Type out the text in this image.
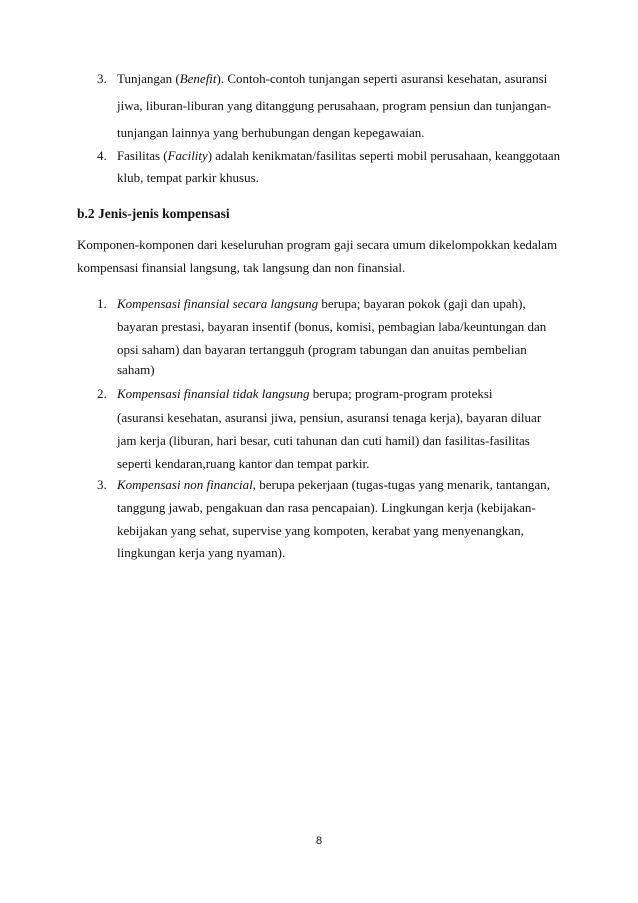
3. Tunjangan (Benefit). Contoh-contoh tunjangan seperti asuransi kesehatan, asuransi
jiwa, liburan-liburan yang ditanggung perusahaan, program pensiun dan tunjangan-
tunjangan lainnya yang berhubungan dengan kepegawaian.
4. Fasilitas (Facility) adalah kenikmatan/fasilitas seperti mobil perusahaan, keanggotaan
klub, tempat parkir khusus.
b.2 Jenis-jenis kompensasi
Komponen-komponen dari keseluruhan program gaji secara umum dikelompokkan kedalam
kompensasi finansial langsung, tak langsung dan non finansial.
1. Kompensasi finansial secara langsung berupa; bayaran pokok (gaji dan upah),
bayaran prestasi, bayaran insentif (bonus, komisi, pembagian laba/keuntungan dan
opsi saham) dan bayaran tertangguh (program tabungan dan anuitas pembelian
saham)
2. Kompensasi finansial tidak langsung berupa; program-program proteksi
(asuransi kesehatan, asuransi jiwa, pensiun, asuransi tenaga kerja), bayaran diluar
jam kerja (liburan, hari besar, cuti tahunan dan cuti hamil) dan fasilitas-fasilitas
seperti kendaran,ruang kantor dan tempat parkir.
3. Kompensasi non financial, berupa pekerjaan (tugas-tugas yang menarik, tantangan,
tanggung jawab, pengakuan dan rasa pencapaian). Lingkungan kerja (kebijakan-
kebijakan yang sehat, supervise yang kompoten, kerabat yang menyenangkan,
lingkungan kerja yang nyaman).
8
